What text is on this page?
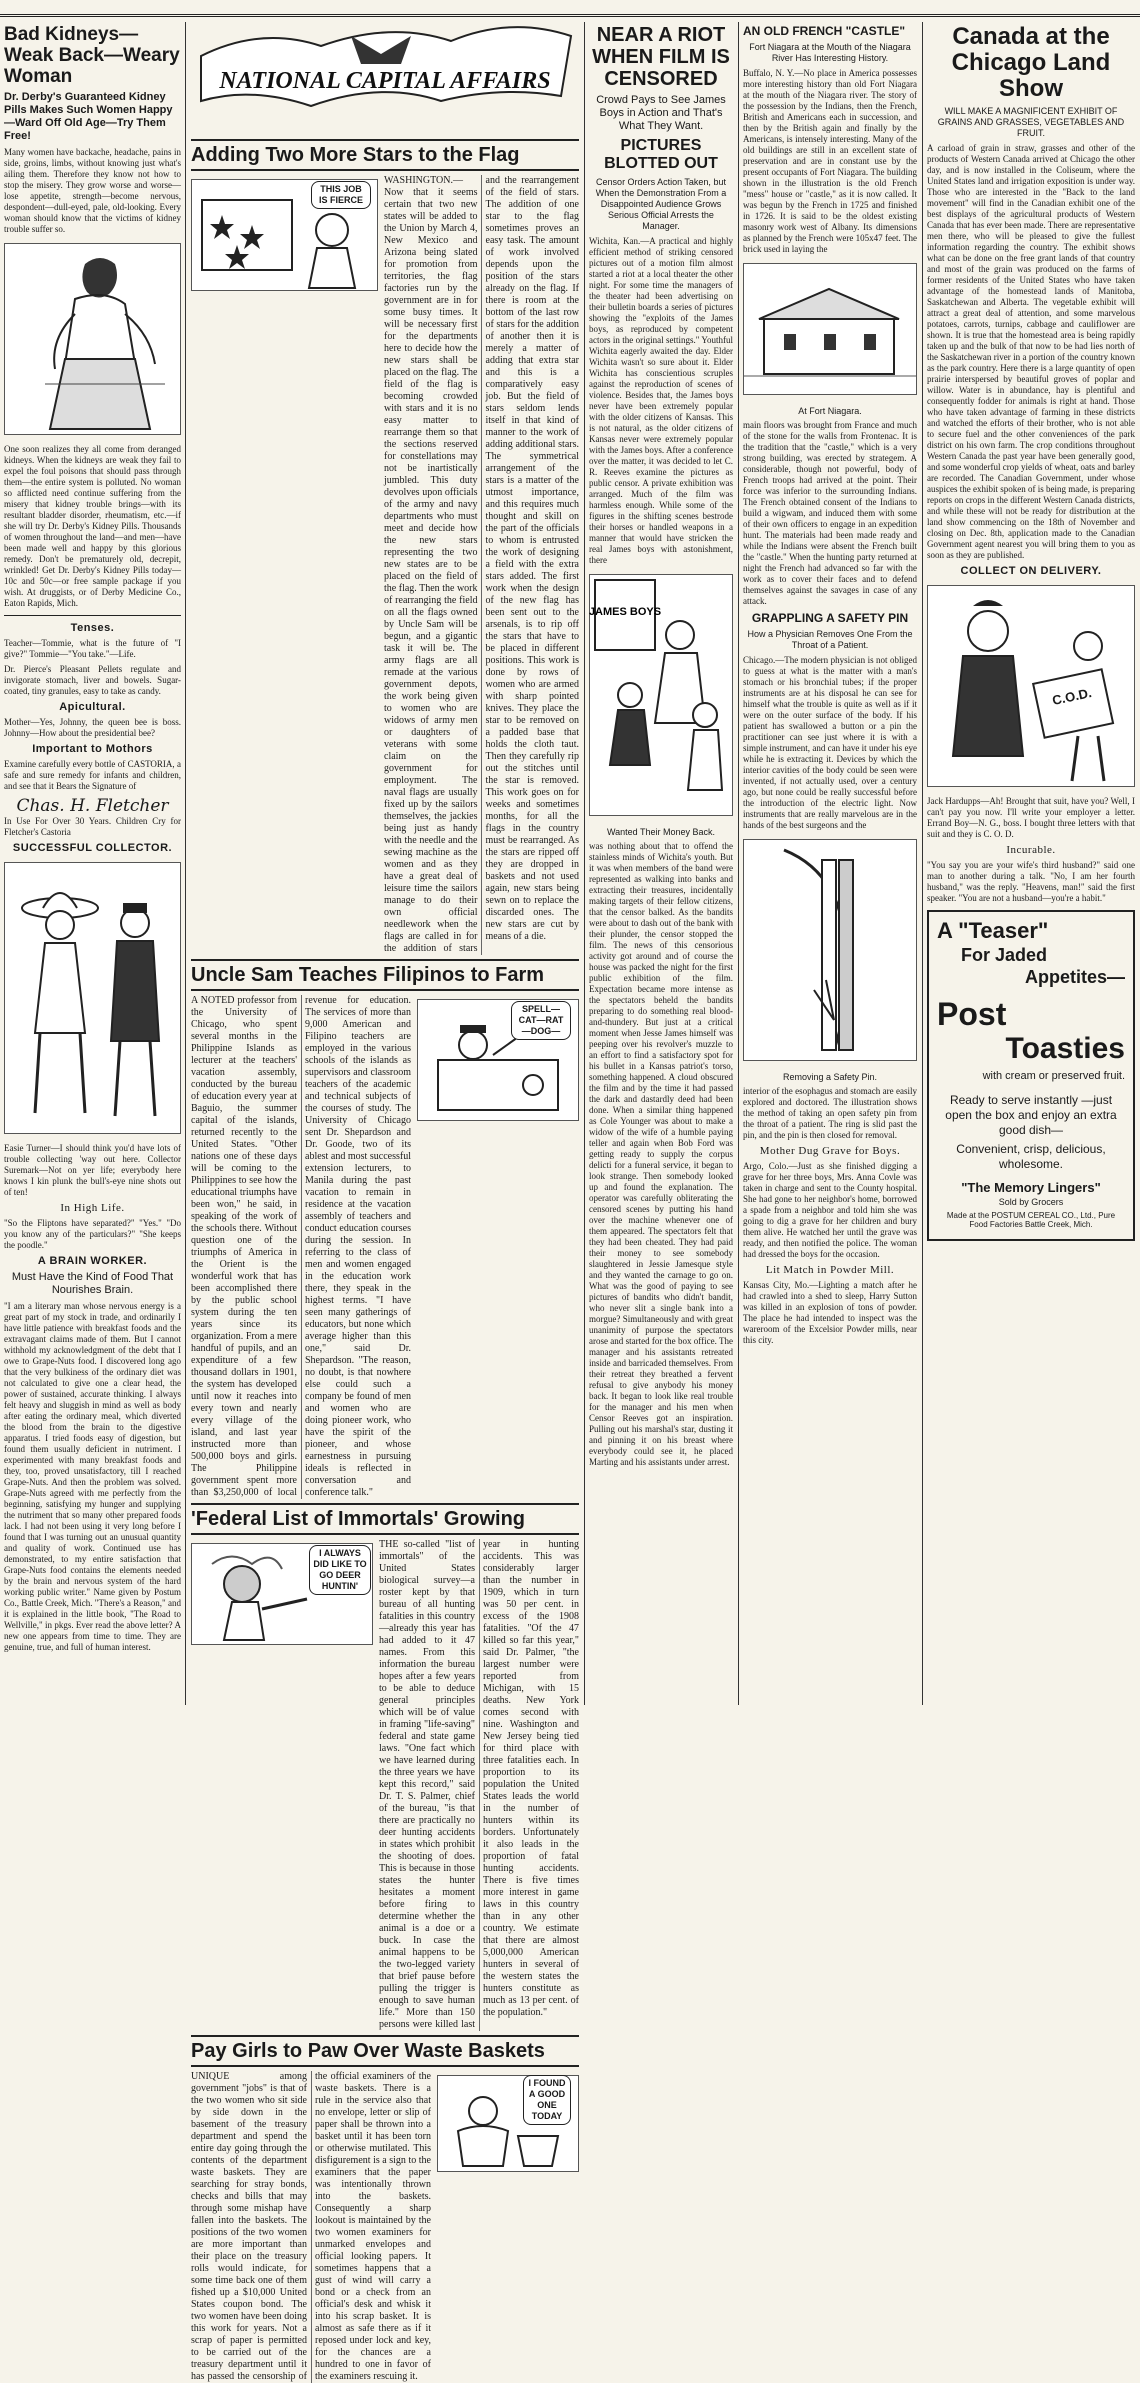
Bad Kidneys—Weak Back—Weary Woman
Dr. Derby's Guaranteed Kidney Pills Makes Such Women Happy—Ward Off Old Age—Try Them Free!
Many women have backache, headache, pains in side, groins, limbs, without knowing just what's ailing them. Therefore they know not how to stop the misery. They grow worse and worse—lose appetite, strength—become nervous, despondent—dull-eyed, pale, old-looking. Every woman should know that the victims of kidney trouble suffer so.
One soon realizes they all come from deranged kidneys. When the kidneys are weak they fail to expel the foul poisons that should pass through them—the entire system is polluted. No woman so afflicted need continue suffering from the misery that kidney trouble brings—with its resultant bladder disorder, rheumatism, etc.—if she will try Dr. Derby's Kidney Pills. Thousands of women throughout the land—and men—have been made well and happy by this glorious remedy. Don't be prematurely old, decrepit, wrinkled! Get Dr. Derby's Kidney Pills today—10c and 50c—or free sample package if you wish. At druggists, or of Derby Medicine Co., Eaton Rapids, Mich.
Tenses.
Teacher—Tommie, what is the future of "I give?" Tommie—"You take."—Life.
Dr. Pierce's Pleasant Pellets regulate and invigorate stomach, liver and bowels. Sugar-coated, tiny granules, easy to take as candy.
Apicultural.
Mother—Yes, Johnny, the queen bee is boss. Johnny—How about the presidential bee?
Important to Mothors
Examine carefully every bottle of CASTORIA, a safe and sure remedy for infants and children, and see that it Bears the Signature of
Chas. H. Fletcher
In Use For Over 30 Years. Children Cry for Fletcher's Castoria
SUCCESSFUL COLLECTOR.
Easie Turner—I should think you'd have lots of trouble collecting 'way out here. Collector Suremark—Not on yer life; everybody here knows I kin plunk the bull's-eye nine shots out of ten!
In High Life.
"So the Fliptons have separated?" "Yes." "Do you know any of the particulars?" "She keeps the poodle."
A BRAIN WORKER.
Must Have the Kind of Food That Nourishes Brain.
"I am a literary man whose nervous energy is a great part of my stock in trade, and ordinarily I have little patience with breakfast foods and the extravagant claims made of them. But I cannot withhold my acknowledgment of the debt that I owe to Grape-Nuts food. I discovered long ago that the very bulkiness of the ordinary diet was not calculated to give one a clear head, the power of sustained, accurate thinking. I always felt heavy and sluggish in mind as well as body after eating the ordinary meal, which diverted the blood from the brain to the digestive apparatus. I tried foods easy of digestion, but found them usually deficient in nutriment. I experimented with many breakfast foods and they, too, proved unsatisfactory, till I reached Grape-Nuts. And then the problem was solved. Grape-Nuts agreed with me perfectly from the beginning, satisfying my hunger and supplying the nutriment that so many other prepared foods lack. I had not been using it very long before I found that I was turning out an unusual quantity and quality of work. Continued use has demonstrated, to my entire satisfaction that Grape-Nuts food contains the elements needed by the brain and nervous system of the hard working public writer." Name given by Postum Co., Battle Creek, Mich. "There's a Reason," and it is explained in the little book, "The Road to Wellville," in pkgs. Ever read the above letter? A new one appears from time to time. They are genuine, true, and full of human interest.
NATIONAL CAPITAL AFFAIRS
Adding Two More Stars to the Flag
THIS JOB IS FIERCE
WASHINGTON.—Now that it seems certain that two new states will be added to the Union by March 4, New Mexico and Arizona being slated for promotion from territories, the flag factories run by the government are in for some busy times. It will be necessary first for the departments here to decide how the new stars shall be placed on the flag. The field of the flag is becoming crowded with stars and it is no easy matter to rearrange them so that the sections reserved for constellations may not be inartistically jumbled. This duty devolves upon officials of the army and navy departments who must meet and decide how the new stars representing the two new states are to be placed on the field of the flag. Then the work of rearranging the field on all the flags owned by Uncle Sam will be begun, and a gigantic task it will be. The army flags are all remade at the various government depots, the work being given to women who are widows of army men or daughters of veterans with some claim on the government for employment. The naval flags are usually fixed up by the sailors themselves, the jackies being just as handy with the needle and the sewing machine as the women and as they have a great deal of leisure time the sailors manage to do their own official needlework when the flags are called in for the addition of stars and the rearrangement of the field of stars. The addition of one star to the flag sometimes proves an easy task. The amount of work involved depends upon the position of the stars already on the flag. If there is room at the bottom of the last row of stars for the addition of another then it is merely a matter of adding that extra star and this is a comparatively easy job. But the field of stars seldom lends itself in that kind of manner to the work of adding additional stars. The symmetrical arrangement of the stars is a matter of the utmost importance, and this requires much thought and skill on the part of the officials to whom is entrusted the work of designing a field with the extra stars added. The first work when the design of the new flag has been sent out to the arsenals, is to rip off the stars that have to be placed in different positions. This work is done by rows of women who are armed with sharp pointed knives. They place the star to be removed on a padded base that holds the cloth taut. Then they carefully rip out the stitches until the star is removed. This work goes on for weeks and sometimes months, for all the flags in the country must be rearranged. As the stars are ripped off they are dropped in baskets and not used again, new stars being sewn on to replace the discarded ones. The new stars are cut by means of a die.
Uncle Sam Teaches Filipinos to Farm
SPELL—CAT—RAT—DOG—
A NOTED professor from the University of Chicago, who spent several months in the Philippine Islands as lecturer at the teachers' vacation assembly, conducted by the bureau of education every year at Baguio, the summer capital of the islands, returned recently to the United States. "Other nations one of these days will be coming to the Philippines to see how the educational triumphs have been won," he said, in speaking of the work of the schools there. Without question one of the triumphs of America in the Orient is the wonderful work that has been accomplished there by the public school system during the ten years since its organization. From a mere handful of pupils, and an expenditure of a few thousand dollars in 1901, the system has developed until now it reaches into every town and nearly every village of the island, and last year instructed more than 500,000 boys and girls. The Philippine government spent more than $3,250,000 of local revenue for education. The services of more than 9,000 American and Filipino teachers are employed in the various schools of the islands as supervisors and classroom teachers of the academic and technical subjects of the courses of study. The University of Chicago sent Dr. Shepardson and Dr. Goode, two of its ablest and most successful extension lecturers, to Manila during the past vacation to remain in residence at the vacation assembly of teachers and conduct education courses during the session. In referring to the class of men and women engaged in the education work there, they speak in the highest terms. "I have seen many gatherings of educators, but none which average higher than this one," said Dr. Shepardson. "The reason, no doubt, is that nowhere else could such a company be found of men and women who are doing pioneer work, who have the spirit of the pioneer, and whose earnestness in pursuing ideals is reflected in conversation and conference talk."
'Federal List of Immortals' Growing
I ALWAYS DID LIKE TO GO DEER HUNTIN'
THE so-called "list of immortals" of the United States biological survey—a roster kept by that bureau of all hunting fatalities in this country—already this year has had added to it 47 names. From this information the bureau hopes after a few years to be able to deduce general principles which will be of value in framing "life-saving" federal and state game laws. "One fact which we have learned during the three years we have kept this record," said Dr. T. S. Palmer, chief of the bureau, "is that there are practically no deer hunting accidents in states which prohibit the shooting of does. This is because in those states the hunter hesitates a moment before firing to determine whether the animal is a doe or a buck. In case the animal happens to be the two-legged variety that brief pause before pulling the trigger is enough to save human life." More than 150 persons were killed last year in hunting accidents. This was considerably larger than the number in 1909, which in turn was 50 per cent. in excess of the 1908 fatalities. "Of the 47 killed so far this year," said Dr. Palmer, "the largest number were reported from Michigan, with 15 deaths. New York comes second with nine. Washington and New Jersey being tied for third place with three fatalities each. In proportion to its population the United States leads the world in the number of hunters within its borders. Unfortunately it also leads in the proportion of fatal hunting accidents. There is five times more interest in game laws in this country than in any other country. We estimate that there are almost 5,000,000 American hunters in several of the western states the hunters constitute as much as 13 per cent. of the population."
Pay Girls to Paw Over Waste Baskets
I FOUND A GOOD ONE TODAY
UNIQUE among government "jobs" is that of the two women who sit side by side down in the basement of the treasury department and spend the entire day going through the contents of the department waste baskets. They are searching for stray bonds, checks and bills that may through some mishap have fallen into the baskets. The positions of the two women are more important than their place on the treasury rolls would indicate, for some time back one of them fished up a $10,000 United States coupon bond. The two women have been doing this work for years. Not a scrap of paper is permitted to be carried out of the treasury department until it has passed the censorship of the official examiners of the waste baskets. There is a rule in the service also that no envelope, letter or slip of paper shall be thrown into a basket until it has been torn or otherwise mutilated. This disfigurement is a sign to the examiners that the paper was intentionally thrown into the baskets. Consequently a sharp lookout is maintained by the two women examiners for unmarked envelopes and official looking papers. It sometimes happens that a gust of wind will carry a bond or a check from an official's desk and whisk it into his scrap basket. It is almost as safe there as if it reposed under lock and key, for the chances are a hundred to one in favor of the examiners rescuing it.
NEAR A RIOT WHEN FILM IS CENSORED
Crowd Pays to See James Boys in Action and That's What They Want.
PICTURES BLOTTED OUT
Censor Orders Action Taken, but When the Demonstration From a Disappointed Audience Grows Serious Official Arrests the Manager.
Wichita, Kan.—A practical and highly efficient method of striking censored pictures out of a motion film almost started a riot at a local theater the other night. For some time the managers of the theater had been advertising on their bulletin boards a series of pictures showing the "exploits of the James boys, as reproduced by competent actors in the original settings." Youthful Wichita eagerly awaited the day. Elder Wichita wasn't so sure about it. Elder Wichita has conscientious scruples against the reproduction of scenes of violence. Besides that, the James boys never have been extremely popular with the older citizens of Kansas. This is not natural, as the older citizens of Kansas never were extremely popular with the James boys. After a conference over the matter, it was decided to let C. R. Reeves examine the pictures as public censor. A private exhibition was arranged. Much of the film was harmless enough. While some of the figures in the shifting scenes bestrode their horses or handled weapons in a manner that would have stricken the real James boys with astonishment, there
JAMES BOYS
Wanted Their Money Back.
was nothing about that to offend the stainless minds of Wichita's youth. But it was when members of the band were represented as walking into banks and extracting their treasures, incidentally making targets of their fellow citizens, that the censor balked. As the bandits were about to dash out of the bank with their plunder, the censor stopped the film. The news of this censorious activity got around and of course the house was packed the night for the first public exhibition of the film. Expectation became more intense as the spectators beheld the bandits preparing to do something real blood-and-thundery. But just at a critical moment when Jesse James himself was peeping over his revolver's muzzle to an effort to find a satisfactory spot for his bullet in a Kansas patriot's torso, something happened. A cloud obscured the film and by the time it had passed the dark and dastardly deed had been done. When a similar thing happened as Cole Younger was about to make a widow of the wife of a humble paying teller and again when Bob Ford was getting ready to supply the corpus delicti for a funeral service, it began to look strange. Then somebody looked up and found the explanation. The operator was carefully obliterating the censored scenes by putting his hand over the machine whenever one of them appeared. The spectators felt that they had been cheated. They had paid their money to see somebody slaughtered in Jessie Jamesque style and they wanted the carnage to go on. What was the good of paying to see pictures of bandits who didn't bandit, who never slit a single bank into a morgue? Simultaneously and with great unanimity of purpose the spectators arose and started for the box office. The manager and his assistants retreated inside and barricaded themselves. From their retreat they breathed a fervent refusal to give anybody his money back. It began to look like real trouble for the manager and his men when Censor Reeves got an inspiration. Pulling out his marshal's star, dusting it and pinning it on his breast where everybody could see it, he placed Marting and his assistants under arrest.
AN OLD FRENCH "CASTLE"
Fort Niagara at the Mouth of the Niagara River Has Interesting History.
Buffalo, N. Y.—No place in America possesses more interesting history than old Fort Niagara at the mouth of the Niagara river. The story of the possession by the Indians, then the French, British and Americans each in succession, and then by the British again and finally by the Americans, is intensely interesting. Many of the old buildings are still in an excellent state of preservation and are in constant use by the present occupants of Fort Niagara. The building shown in the illustration is the old French "mess" house or "castle," as it is now called. It was begun by the French in 1725 and finished in 1726. It is said to be the oldest existing masonry work west of Albany. Its dimensions as planned by the French were 105x47 feet. The brick used in laying the
At Fort Niagara.
main floors was brought from France and much of the stone for the walls from Frontenac. It is the tradition that the "castle," which is a very strong building, was erected by strategem. A considerable, though not powerful, body of French troops had arrived at the point. Their force was inferior to the surrounding Indians. The French obtained consent of the Indians to build a wigwam, and induced them with some of their own officers to engage in an expedition hunt. The materials had been made ready and while the Indians were absent the French built the "castle." When the hunting party returned at night the French had advanced so far with the work as to cover their faces and to defend themselves against the savages in case of any attack.
GRAPPLING A SAFETY PIN
How a Physician Removes One From the Throat of a Patient.
Chicago.—The modern physician is not obliged to guess at what is the matter with a man's stomach or his bronchial tubes; if the proper instruments are at his disposal he can see for himself what the trouble is quite as well as if it were on the outer surface of the body. If his patient has swallowed a button or a pin the practitioner can see just where it is with a simple instrument, and can have it under his eye while he is extracting it. Devices by which the interior cavities of the body could be seen were invented, if not actually used, over a century ago, but none could be really successful before the introduction of the electric light. Now instruments that are really marvelous are in the hands of the best surgeons and the
Removing a Safety Pin.
interior of the esophagus and stomach are easily explored and doctored. The illustration shows the method of taking an open safety pin from the throat of a patient. The ring is slid past the pin, and the pin is then closed for removal.
Mother Dug Grave for Boys.
Argo, Colo.—Just as she finished digging a grave for her three boys, Mrs. Anna Covle was taken in charge and sent to the County hospital. She had gone to her neighbor's home, borrowed a spade from a neighbor and told him she was going to dig a grave for her children and bury them alive. He watched her until the grave was ready, and then notified the police. The woman had dressed the boys for the occasion.
Lit Match in Powder Mill.
Kansas City, Mo.—Lighting a match after he had crawled into a shed to sleep, Harry Sutton was killed in an explosion of tons of powder. The place he had intended to inspect was the wareroom of the Excelsior Powder mills, near this city.
Canada at the Chicago Land Show
WILL MAKE A MAGNIFICENT EXHIBIT OF GRAINS AND GRASSES, VEGETABLES AND FRUIT.
A carload of grain in straw, grasses and other of the products of Western Canada arrived at Chicago the other day, and is now installed in the Coliseum, where the United States land and irrigation exposition is under way. Those who are interested in the "Back to the land movement" will find in the Canadian exhibit one of the best displays of the agricultural products of Western Canada that has ever been made. There are representative men there, who will be pleased to give the fullest information regarding the country. The exhibit shows what can be done on the free grant lands of that country and most of the grain was produced on the farms of former residents of the United States who have taken advantage of the homestead lands of Manitoba, Saskatchewan and Alberta. The vegetable exhibit will attract a great deal of attention, and some marvelous potatoes, carrots, turnips, cabbage and cauliflower are shown. It is true that the homestead area is being rapidly taken up and the bulk of that now to be had lies north of the Saskatchewan river in a portion of the country known as the park country. Here there is a large quantity of open prairie interspersed by beautiful groves of poplar and willow. Water is in abundance, hay is plentiful and consequently fodder for animals is right at hand. Those who have taken advantage of farming in these districts and watched the efforts of their brother, who is not able to secure fuel and the other conveniences of the park district on his own farm. The crop conditions throughout Western Canada the past year have been generally good, and some wonderful crop yields of wheat, oats and barley are recorded. The Canadian Government, under whose auspices the exhibit spoken of is being made, is preparing reports on crops in the different Western Canada districts, and while these will not be ready for distribution at the land show commencing on the 18th of November and closing on Dec. 8th, application made to the Canadian Government agent nearest you will bring them to you as soon as they are published.
COLLECT ON DELIVERY.
C.O.D.
Jack Hardupps—Ah! Brought that suit, have you? Well, I can't pay you now. I'll write your employer a letter. Errand Boy—N. G., boss. I bought three letters with that suit and they is C. O. D.
Incurable.
"You say you are your wife's third husband?" said one man to another during a talk. "No, I am her fourth husband," was the reply. "Heavens, man!" said the first speaker. "You are not a husband—you're a habit."
A "Teaser"
For Jaded
Appetites—
Post
Toasties
with cream or preserved fruit.
Ready to serve instantly —just open the box and enjoy an extra good dish—
Convenient, crisp, delicious, wholesome.
"The Memory Lingers"
Sold by Grocers
Made at the POSTUM CEREAL CO., Ltd., Pure Food Factories Battle Creek, Mich.
